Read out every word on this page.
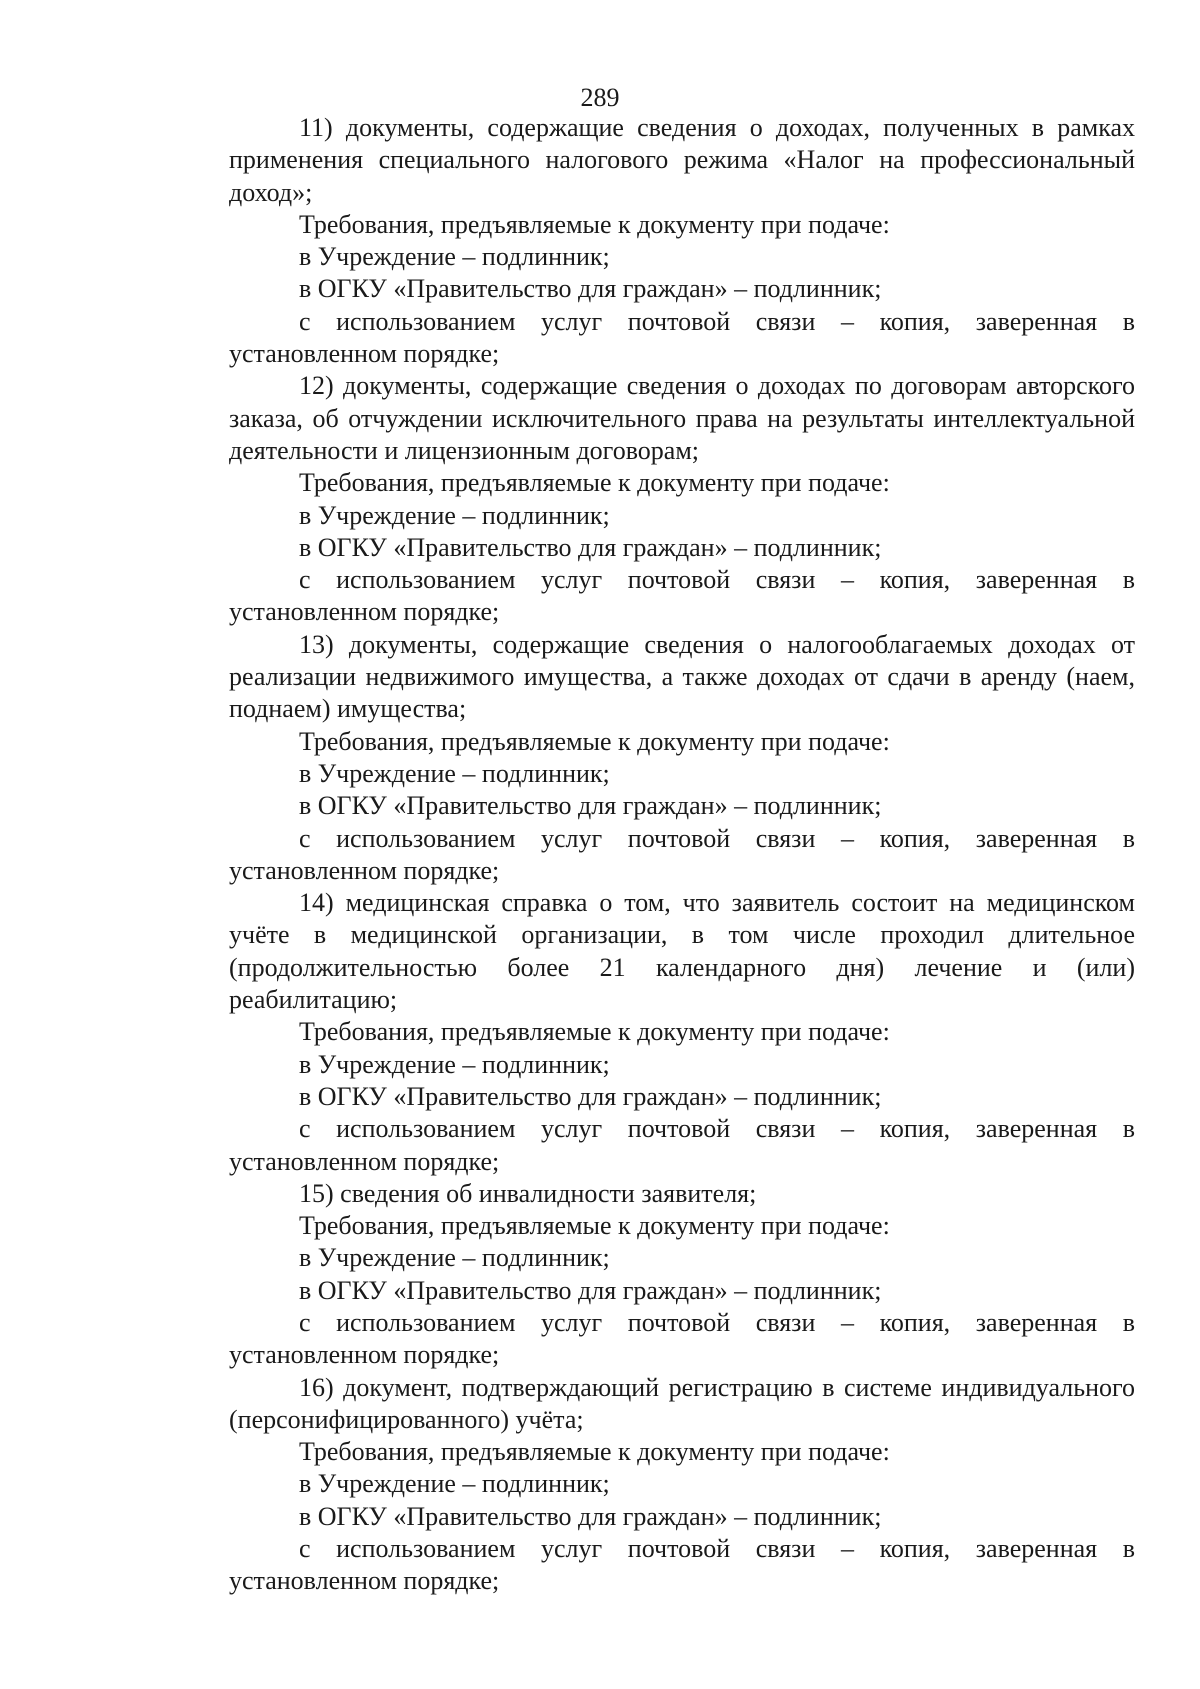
289

11) документы, содержащие сведения о доходах, полученных в рамках применения специального налогового режима «Налог на профессиональный доход»;

Требования, предъявляемые к документу при подаче:

в Учреждение – подлинник;

в ОГКУ «Правительство для граждан» – подлинник;

с использованием услуг почтовой связи – копия, заверенная в установленном порядке;

12) документы, содержащие сведения о доходах по договорам авторского заказа, об отчуждении исключительного права на результаты интеллектуальной деятельности и лицензионным договорам;

Требования, предъявляемые к документу при подаче:

в Учреждение – подлинник;

в ОГКУ «Правительство для граждан» – подлинник;

с использованием услуг почтовой связи – копия, заверенная в установленном порядке;

13) документы, содержащие сведения о налогооблагаемых доходах от реализации недвижимого имущества, а также доходах от сдачи в аренду (наем, поднаем) имущества;

Требования, предъявляемые к документу при подаче:

в Учреждение – подлинник;

в ОГКУ «Правительство для граждан» – подлинник;

с использованием услуг почтовой связи – копия, заверенная в установленном порядке;

14) медицинская справка о том, что заявитель состоит на медицинском учёте в медицинской организации, в том числе проходил длительное (продолжительностью более 21 календарного дня) лечение и (или) реабилитацию;

Требования, предъявляемые к документу при подаче:

в Учреждение – подлинник;

в ОГКУ «Правительство для граждан» – подлинник;

с использованием услуг почтовой связи – копия, заверенная в установленном порядке;

15) сведения об инвалидности заявителя;

Требования, предъявляемые к документу при подаче:

в Учреждение – подлинник;

в ОГКУ «Правительство для граждан» – подлинник;

с использованием услуг почтовой связи – копия, заверенная в установленном порядке;

16) документ, подтверждающий регистрацию в системе индивидуального (персонифицированного) учёта;

Требования, предъявляемые к документу при подаче:

в Учреждение – подлинник;

в ОГКУ «Правительство для граждан» – подлинник;

с использованием услуг почтовой связи – копия, заверенная в установленном порядке;
